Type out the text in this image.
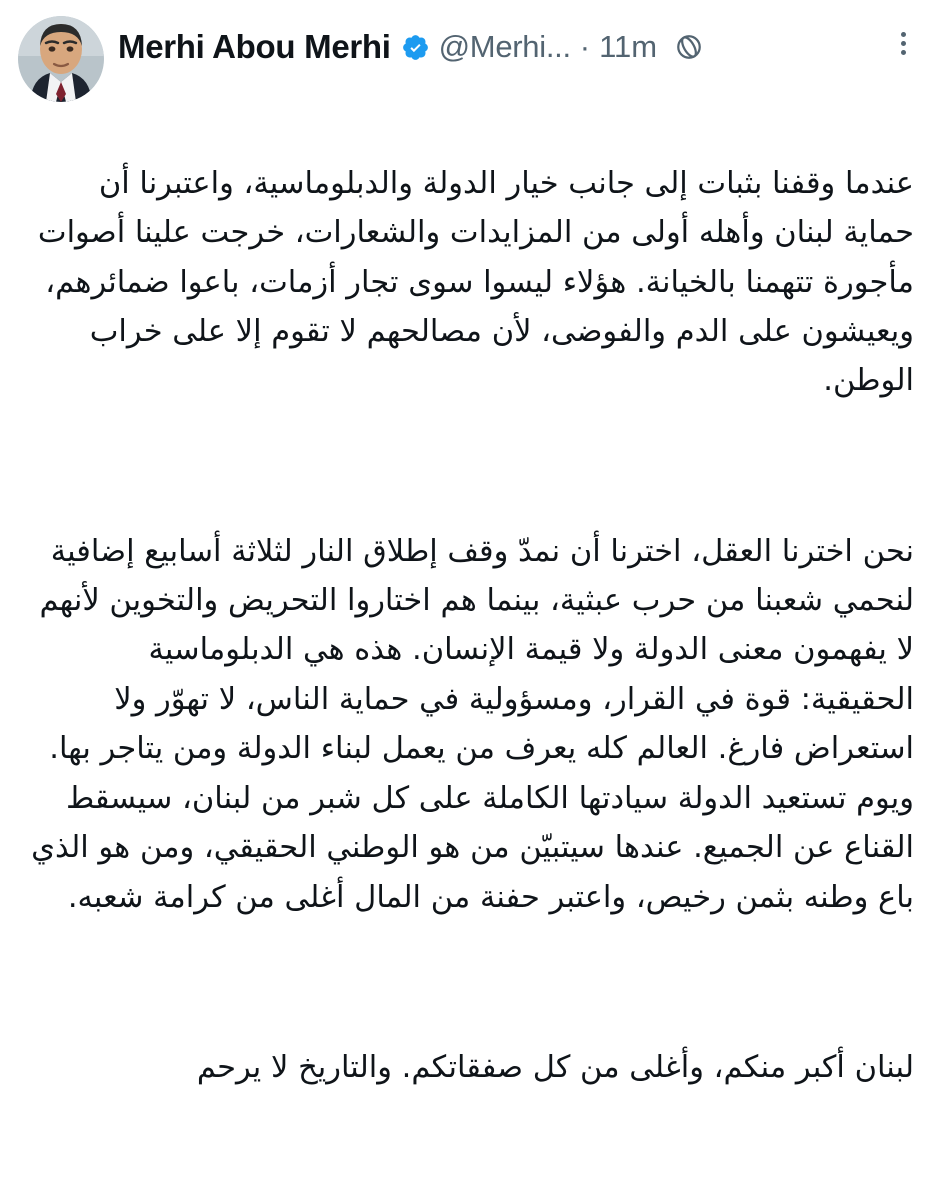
Merhi Abou Merhi @Merhi... · 11m

عندما وقفنا بثبات إلى جانب خيار الدولة والدبلوماسية، واعتبرنا أن حماية لبنان وأهله أولى من المزايدات والشعارات، خرجت علينا أصوات مأجورة تتهمنا بالخيانة. هؤلاء ليسوا سوى تجار أزمات، باعوا ضمائرهم، ويعيشون على الدم والفوضى، لأن مصالحهم لا تقوم إلا على خراب الوطن.

نحن اخترنا العقل، اخترنا أن نمدّ وقف إطلاق النار لثلاثة أسابيع إضافية لنحمي شعبنا من حرب عبثية، بينما هم اختاروا التحريض والتخوين لأنهم لا يفهمون معنى الدولة ولا قيمة الإنسان. هذه هي الدبلوماسية الحقيقية: قوة في القرار، ومسؤولية في حماية الناس، لا تهوّر ولا استعراض فارغ. العالم كله يعرف من يعمل لبناء الدولة ومن يتاجر بها. ويوم تستعيد الدولة سيادتها الكاملة على كل شبر من لبنان، سيسقط القناع عن الجميع. عندها سيتبيّن من هو الوطني الحقيقي، ومن هو الذي باع وطنه بثمن رخيص، واعتبر حفنة من المال أغلى من كرامة شعبه.

لبنان أكبر منكم، وأغلى من كل صفقاتكم. والتاريخ لا يرحم
